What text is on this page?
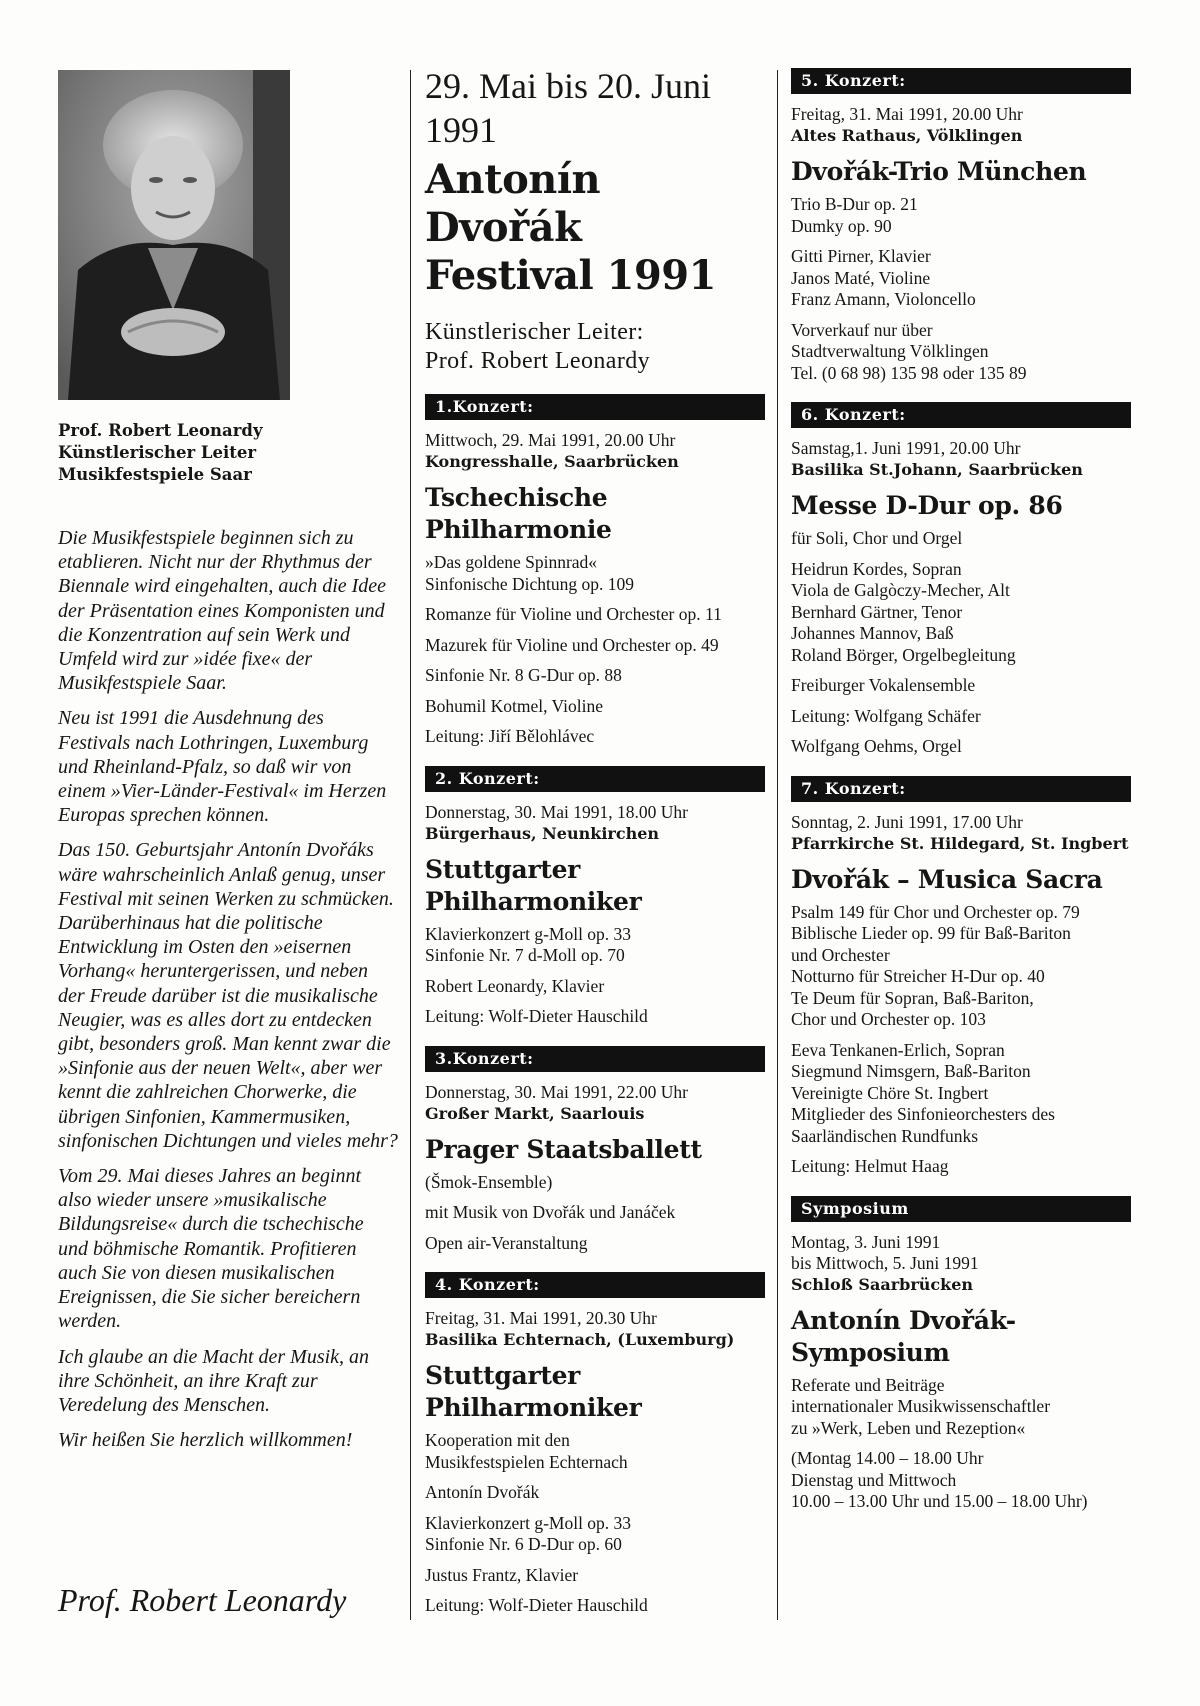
Prof. Robert Leonardy
Künstlerischer Leiter
Musikfestspiele Saar

Die Musikfestspiele beginnen sich zu etablieren. Nicht nur der Rhythmus der Biennale wird eingehalten, auch die Idee der Präsentation eines Komponisten und die Konzentration auf sein Werk und Umfeld wird zur »idée fixe« der Musikfestspiele Saar.

Neu ist 1991 die Ausdehnung des Festivals nach Lothringen, Luxemburg und Rheinland-Pfalz, so daß wir von einem »Vier-Länder-Festival« im Herzen Europas sprechen können.

Das 150. Geburtsjahr Antonín Dvořáks wäre wahrscheinlich Anlaß genug, unser Festival mit seinen Werken zu schmücken. Darüberhinaus hat die politische Entwicklung im Osten den »eisernen Vorhang« heruntergerissen, und neben der Freude darüber ist die musikalische Neugier, was es alles dort zu entdecken gibt, besonders groß. Man kennt zwar die »Sinfonie aus der neuen Welt«, aber wer kennt die zahlreichen Chorwerke, die übrigen Sinfonien, Kammermusiken, sinfonischen Dichtungen und vieles mehr?

Vom 29. Mai dieses Jahres an beginnt also wieder unsere »musikalische Bildungsreise« durch die tschechische und böhmische Romantik. Profitieren auch Sie von diesen musikalischen Ereignissen, die Sie sicher bereichern werden.

Ich glaube an die Macht der Musik, an ihre Schönheit, an ihre Kraft zur Veredelung des Menschen.

Wir heißen Sie herzlich willkommen!

Prof. Robert Leonardy
29. Mai bis 20. Juni 1991
Antonín Dvořák
Festival 1991
Künstlerischer Leiter:
Prof. Robert Leonardy
1.Konzert:
Mittwoch, 29. Mai 1991, 20.00 Uhr
Kongresshalle, Saarbrücken
Tschechische
Philharmonie
»Das goldene Spinnrad«
Sinfonische Dichtung op. 109
Romanze für Violine und Orchester op. 11
Mazurek für Violine und Orchester op. 49
Sinfonie Nr. 8 G-Dur op. 88
Bohumil Kotmel, Violine
Leitung: Jiří Bělohlávec
2. Konzert:
Donnerstag, 30. Mai 1991, 18.00 Uhr
Bürgerhaus, Neunkirchen
Stuttgarter
Philharmoniker
Klavierkonzert g-Moll op. 33
Sinfonie Nr. 7 d-Moll op. 70
Robert Leonardy, Klavier
Leitung: Wolf-Dieter Hauschild
3.Konzert:
Donnerstag, 30. Mai 1991, 22.00 Uhr
Großer Markt, Saarlouis
Prager Staatsballett
(Šmok-Ensemble)
mit Musik von Dvořák und Janáček
Open air-Veranstaltung
4. Konzert:
Freitag, 31. Mai 1991, 20.30 Uhr
Basilika Echternach, (Luxemburg)
Stuttgarter
Philharmoniker
Kooperation mit den
Musikfestspielen Echternach
Antonín Dvořák
Klavierkonzert g-Moll op. 33
Sinfonie Nr. 6 D-Dur op. 60
Justus Frantz, Klavier
Leitung: Wolf-Dieter Hauschild
5. Konzert:
Freitag, 31. Mai 1991, 20.00 Uhr
Altes Rathaus, Völklingen
Dvořák-Trio München
Trio B-Dur op. 21
Dumky op. 90
Gitti Pirner, Klavier
Janos Maté, Violine
Franz Amann, Violoncello
Vorverkauf nur über
Stadtverwaltung Völklingen
Tel. (0 68 98) 135 98 oder 135 89
6. Konzert:
Samstag,1. Juni 1991, 20.00 Uhr
Basilika St.Johann, Saarbrücken
Messe D-Dur op. 86
für Soli, Chor und Orgel
Heidrun Kordes, Sopran
Viola de Galgòczy-Mecher, Alt
Bernhard Gärtner, Tenor
Johannes Mannov, Baß
Roland Börger, Orgelbegleitung
Freiburger Vokalensemble
Leitung: Wolfgang Schäfer
Wolfgang Oehms, Orgel
7. Konzert:
Sonntag, 2. Juni 1991, 17.00 Uhr
Pfarrkirche St. Hildegard, St. Ingbert
Dvořák – Musica Sacra
Psalm 149 für Chor und Orchester op. 79
Biblische Lieder op. 99 für Baß-Bariton
und Orchester
Notturno für Streicher H-Dur op. 40
Te Deum für Sopran, Baß-Bariton,
Chor und Orchester op. 103
Eeva Tenkanen-Erlich, Sopran
Siegmund Nimsgern, Baß-Bariton
Vereinigte Chöre St. Ingbert
Mitglieder des Sinfonieorchesters des
Saarländischen Rundfunks
Leitung: Helmut Haag
Symposium
Montag, 3. Juni 1991
bis Mittwoch, 5. Juni 1991
Schloß Saarbrücken
Antonín Dvořák-
Symposium
Referate und Beiträge
internationaler Musikwissenschaftler
zu »Werk, Leben und Rezeption«
(Montag 14.00 – 18.00 Uhr
Dienstag und Mittwoch
10.00 – 13.00 Uhr und 15.00 – 18.00 Uhr)
